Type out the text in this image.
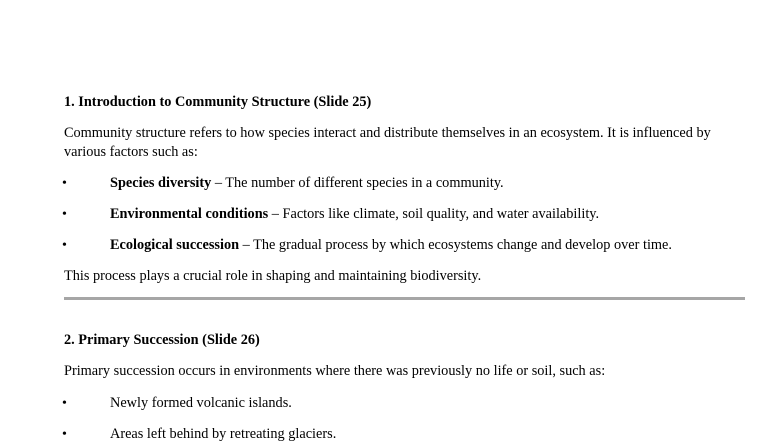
1. Introduction to Community Structure (Slide 25)
Community structure refers to how species interact and distribute themselves in an ecosystem. It is influenced by various factors such as:
•	Species diversity – The number of different species in a community.
•	Environmental conditions – Factors like climate, soil quality, and water availability.
•	Ecological succession – The gradual process by which ecosystems change and develop over time.
This process plays a crucial role in shaping and maintaining biodiversity.
2. Primary Succession (Slide 26)
Primary succession occurs in environments where there was previously no life or soil, such as:
•	Newly formed volcanic islands.
•	Areas left behind by retreating glaciers.
